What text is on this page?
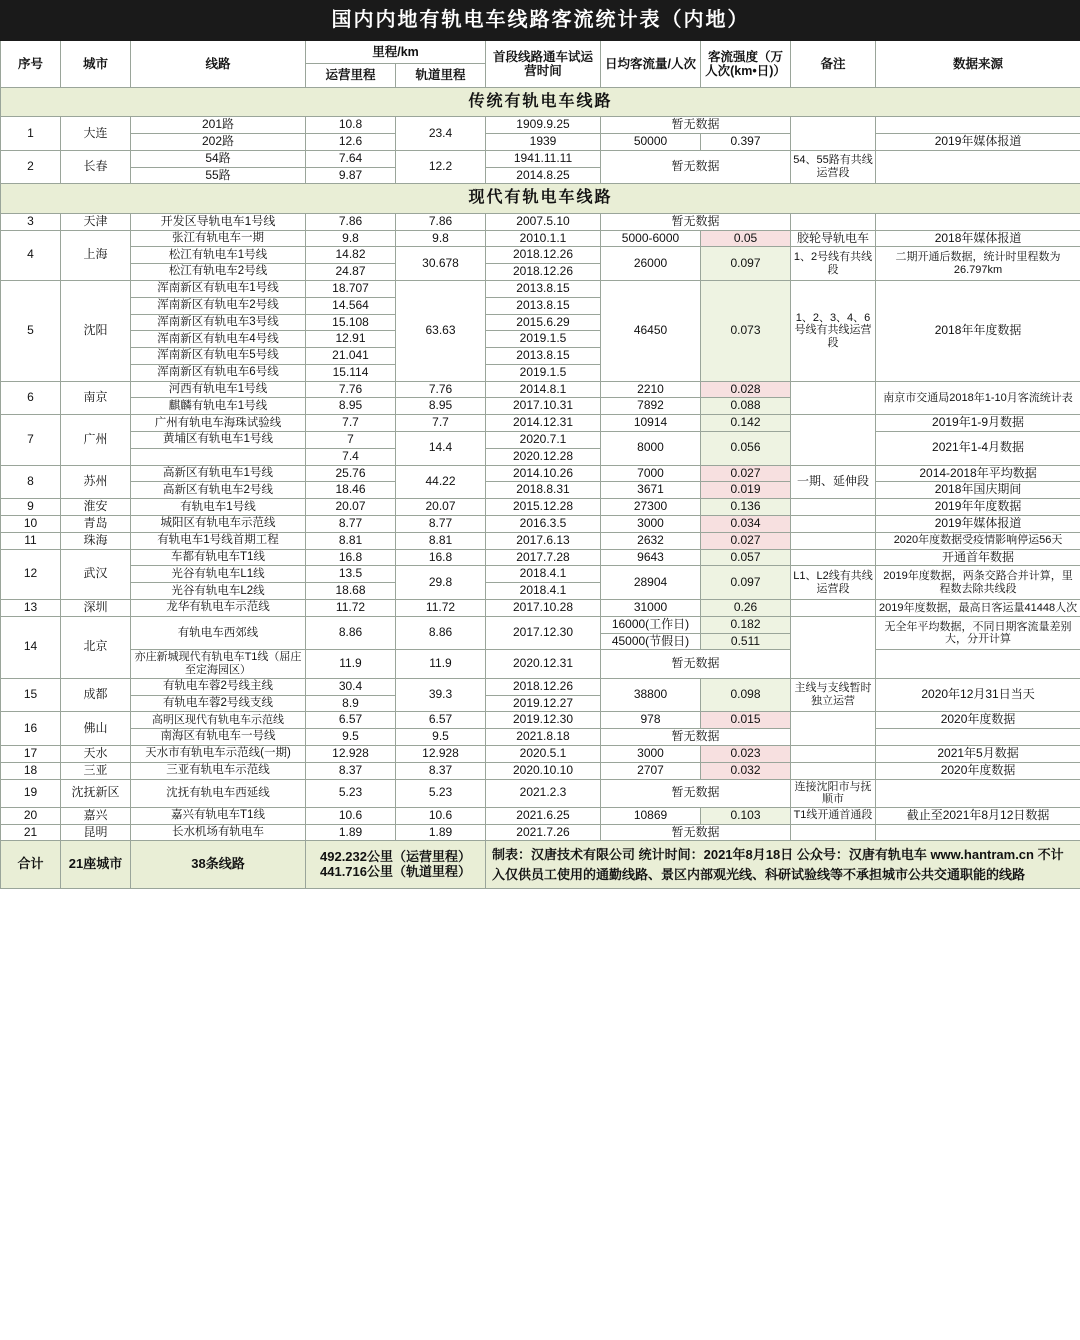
国内内地有轨电车线路客流统计表（内地）									
序号	城市	线路	里程/km		首段线路通车试运营时间	日均客流量/人次	客流强度（万人次(km•日)）	备注	数据来源
			运营里程	轨道里程					
传统有轨电车线路									
1	大连	201路	10.8	23.4	1909.9.25	暂无数据			
		202路	12.6		1939	50000	0.397		2019年媒体报道
2	长春	54路	7.64	12.2	1941.11.11	暂无数据		54、55路有共线运营段	
		55路	9.87		2014.8.25				
现代有轨电车线路									
3	天津	开发区导轨电车1号线	7.86	7.86	2007.5.10	暂无数据			
4	上海	张江有轨电车一期	9.8	9.8	2010.1.1	5000-6000	0.05	胶轮导轨电车	2018年媒体报道
		松江有轨电车1号线	14.82	30.678	2018.12.26	26000	0.097	1、2号线有共线段	二期开通后数据，统计时里程数为26.797km
		松江有轨电车2号线	24.87		2018.12.26				
5	沈阳	浑南新区有轨电车1号线	18.707	63.63	2013.8.15	46450	0.073	1、2、3、4、6号线有共线运营段	2018年年度数据
		浑南新区有轨电车2号线	14.564		2013.8.15				
		浑南新区有轨电车3号线	15.108		2015.6.29				
		浑南新区有轨电车4号线	12.91		2019.1.5				
		浑南新区有轨电车5号线	21.041		2013.8.15				
		浑南新区有轨电车6号线	15.114		2019.1.5				
6	南京	河西有轨电车1号线	7.76	7.76	2014.8.1	2210	0.028		南京市交通局2018年1-10月客流统计表
		麒麟有轨电车1号线	8.95	8.95	2017.10.31	7892	0.088		
7	广州	广州有轨电车海珠试验线	7.7	7.7	2014.12.31	10914	0.142		2019年1-9月数据
		黄埔区有轨电车1号线	7	14.4	2020.7.1	8000	0.056		2021年1-4月数据
			7.4		2020.12.28				
8	苏州	高新区有轨电车1号线	25.76	44.22	2014.10.26	7000	0.027	一期、延伸段	2014-2018年平均数据
		高新区有轨电车2号线	18.46		2018.8.31	3671	0.019		2018年国庆期间
9	淮安	有轨电车1号线	20.07	20.07	2015.12.28	27300	0.136		2019年年度数据
10	青岛	城阳区有轨电车示范线	8.77	8.77	2016.3.5	3000	0.034		2019年媒体报道
11	珠海	有轨电车1号线首期工程	8.81	8.81	2017.6.13	2632	0.027		2020年度数据受疫情影响停运56天
12	武汉	车都有轨电车T1线	16.8	16.8	2017.7.28	9643	0.057		开通首年数据
		光谷有轨电车L1线	13.5	29.8	2018.4.1	28904	0.097	L1、L2线有共线运营段	2019年度数据，两条交路合并计算，里程数去除共线段
		光谷有轨电车L2线	18.68		2018.4.1				
13	深圳	龙华有轨电车示范线	11.72	11.72	2017.10.28	31000	0.26		2019年度数据，最高日客运量41448人次
14	北京	有轨电车西郊线	8.86	8.86	2017.12.30	16000(工作日)	0.182		无全年平均数据，不同日期客流量差别大，分开计算
						45000(节假日)	0.511		
		亦庄新城现代有轨电车T1线（屈庄至定海园区）	11.9	11.9	2020.12.31	暂无数据			
15	成都	有轨电车蓉2号线主线	30.4	39.3	2018.12.26	38800	0.098	主线与支线暂时独立运营	2020年12月31日当天
		有轨电车蓉2号线支线	8.9		2019.12.27				
16	佛山	高明区现代有轨电车示范线	6.57	6.57	2019.12.30	978	0.015		2020年度数据
		南海区有轨电车一号线	9.5	9.5	2021.8.18	暂无数据			
17	天水	天水市有轨电车示范线(一期)	12.928	12.928	2020.5.1	3000	0.023		2021年5月数据
18	三亚	三亚有轨电车示范线	8.37	8.37	2020.10.10	2707	0.032		2020年度数据
19	沈抚新区	沈抚有轨电车西延线	5.23	5.23	2021.2.3	暂无数据		连接沈阳市与抚顺市	
20	嘉兴	嘉兴有轨电车T1线	10.6	10.6	2021.6.25	10869	0.103	T1线开通首通段	截止至2021年8月12日数据
21	昆明	长水机场有轨电车	1.89	1.89	2021.7.26	暂无数据			
合计	21座城市	38条线路	492.232公里（运营里程）
441.716公里（轨道里程）		制表：汉唐技术有限公司 统计时间：2021年8月18日 公众号：汉唐有轨电车 www.hantram.cn 不计入仅供员工使用的通勤线路、景区内部观光线、科研试验线等不承担城市公共交通职能的线路				
